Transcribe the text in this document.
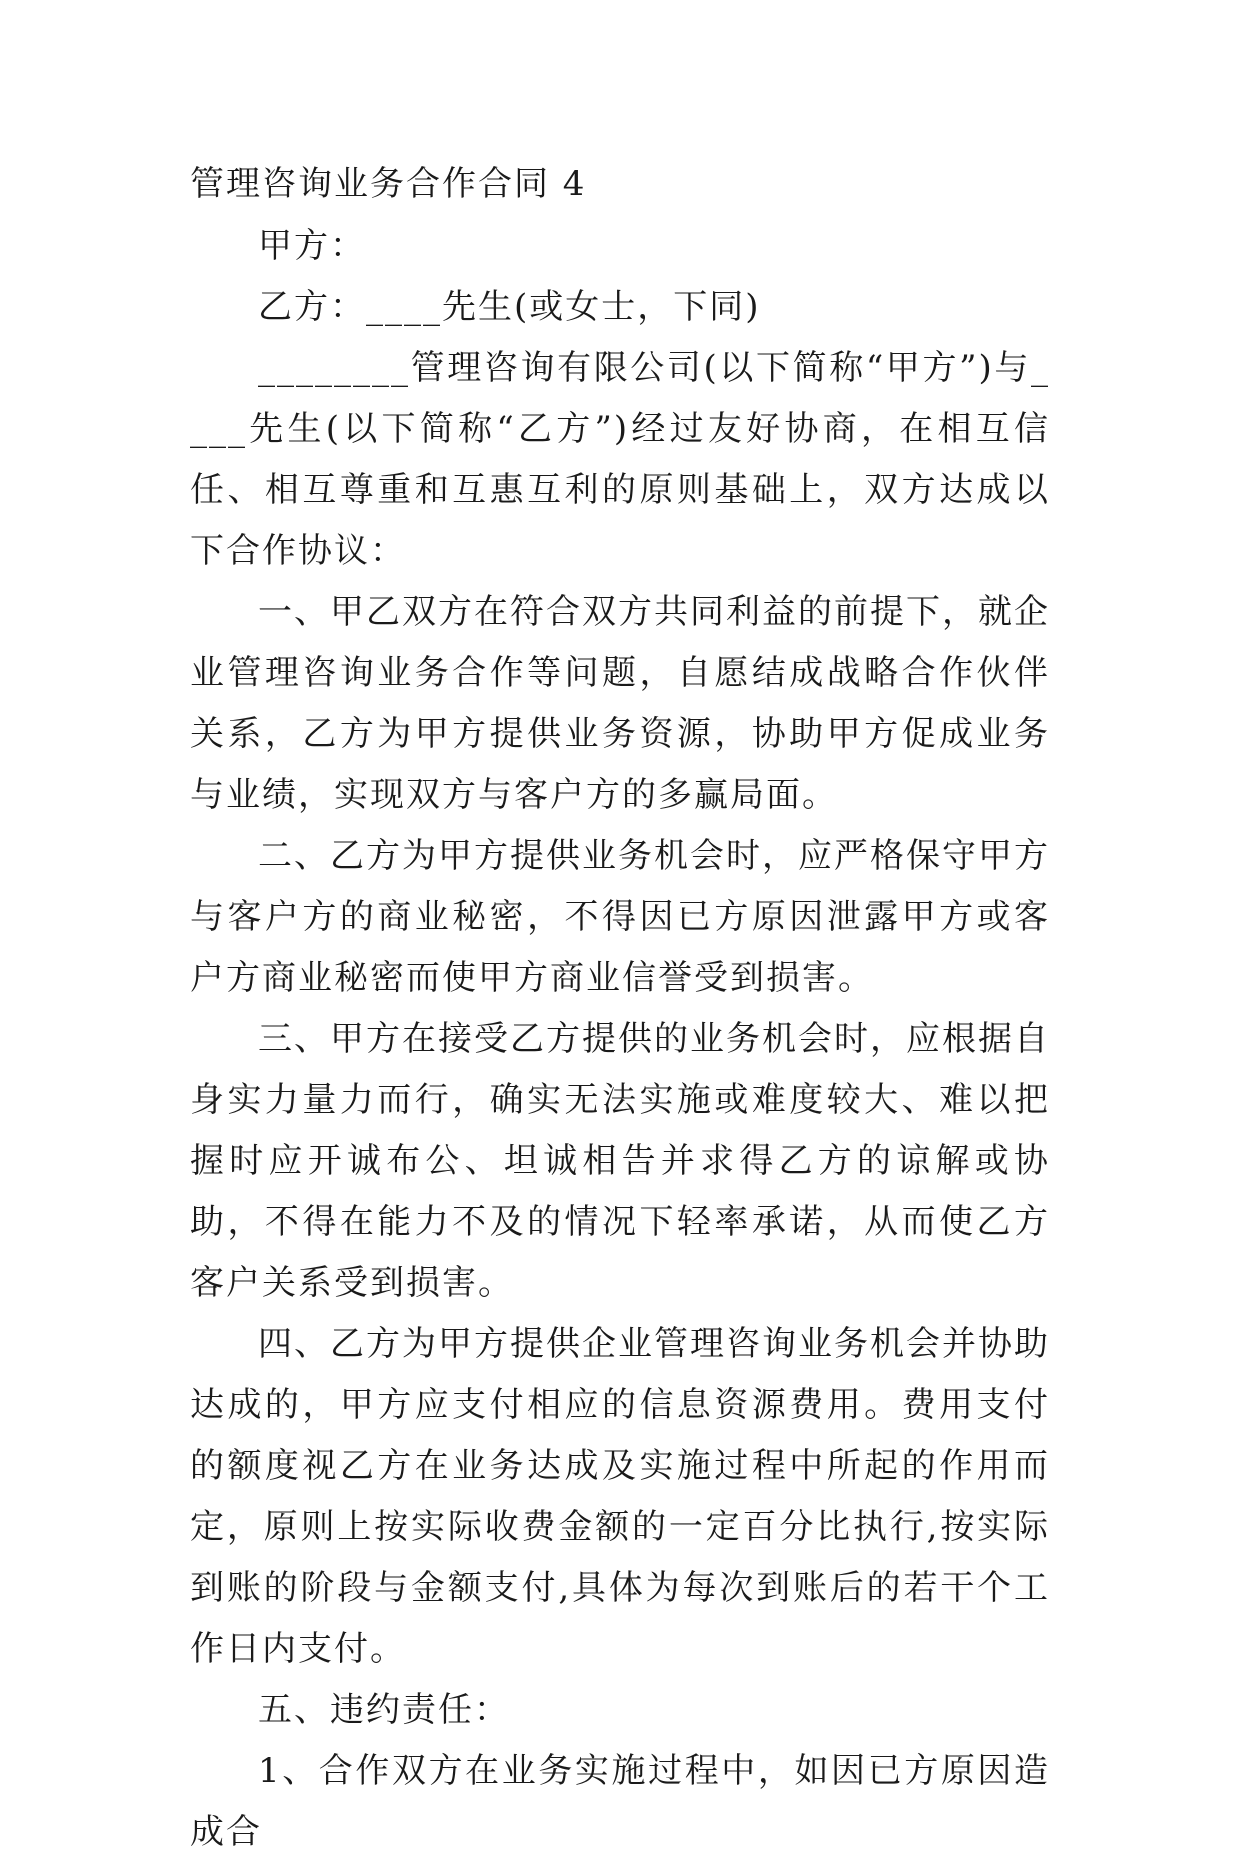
管理咨询业务合作合同 4

甲方：

乙方：____先生(或女士，下同)

________管理咨询有限公司(以下简称“甲方”)与____先生(以下简称“乙方”)经过友好协商，在相互信任、相互尊重和互惠互利的原则基础上，双方达成以下合作协议：

一、甲乙双方在符合双方共同利益的前提下，就企业管理咨询业务合作等问题，自愿结成战略合作伙伴关系，乙方为甲方提供业务资源，协助甲方促成业务与业绩，实现双方与客户方的多赢局面。

二、乙方为甲方提供业务机会时，应严格保守甲方与客户方的商业秘密，不得因已方原因泄露甲方或客户方商业秘密而使甲方商业信誉受到损害。

三、甲方在接受乙方提供的业务机会时，应根据自身实力量力而行，确实无法实施或难度较大、难以把握时应开诚布公、坦诚相告并求得乙方的谅解或协助，不得在能力不及的情况下轻率承诺，从而使乙方客户关系受到损害。

四、乙方为甲方提供企业管理咨询业务机会并协助达成的，甲方应支付相应的信息资源费用。费用支付的额度视乙方在业务达成及实施过程中所起的作用而定，原则上按实际收费金额的一定百分比执行,按实际到账的阶段与金额支付,具体为每次到账后的若干个工作日内支付。

五、违约责任：

1、合作双方在业务实施过程中，如因已方原因造成合
